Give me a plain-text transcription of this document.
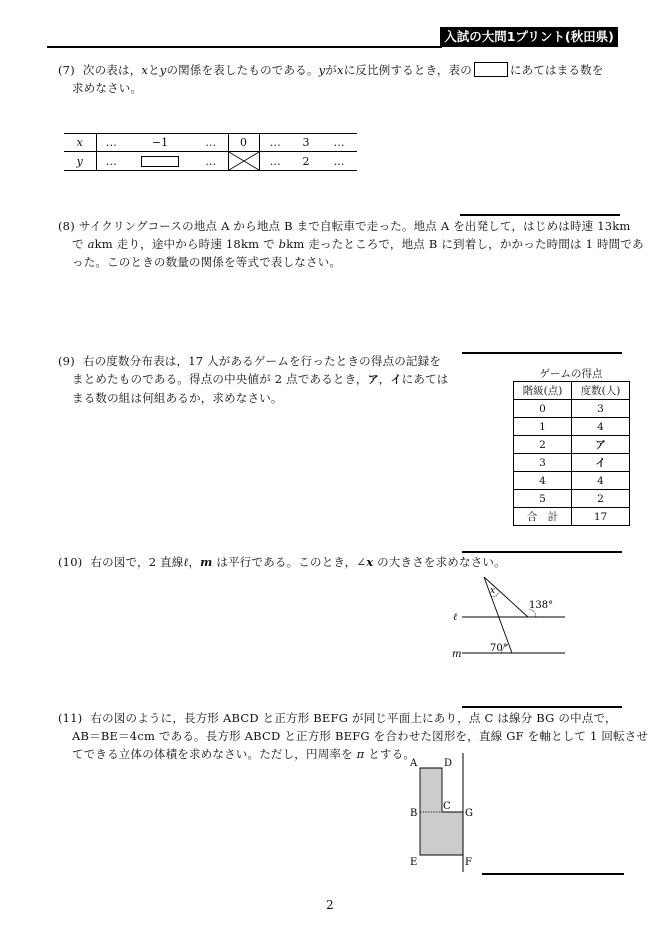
入試の大問1プリント(秋田県)
(7) 次の表は，xとyの関係を表したものである。yがxに反比例するとき，表の	にあてはまる数を
求めなさい。
x	…	−1	…	0	…	3	…
y	…		…		…	2	…
(8) サイクリングコースの地点 A から地点 B まで自転車で走った。地点 A を出発して，はじめは時速 13km
で akm 走り，途中から時速 18km で bkm 走ったところで，地点 B に到着し，かかった時間は 1 時間であ
った。このときの数量の関係を等式で表しなさい。
(9) 右の度数分布表は，17 人があるゲームを行ったときの得点の記録を
まとめたものである。得点の中央値が 2 点であるとき，ア，イにあては
まる数の組は何組あるか，求めなさい。
ゲームの得点
階級(点)	度数(人)
0	3
1	4
2	ア
3	イ
4	4
5	2
合　計	17
(10) 右の図で，2 直線ℓ，m は平行である。このとき，∠x の大きさを求めなさい。
ℓ
m
x
138°
70°
(11) 右の図のように，長方形 ABCD と正方形 BEFG が同じ平面上にあり，点 C は線分 BG の中点で，
AB＝BE＝4cm である。長方形 ABCD と正方形 BEFG を合わせた図形を，直線 GF を軸として 1 回転させ
てできる立体の体積を求めなさい。ただし，円周率を π とする。
A	D
B
C
G
E	F
2
